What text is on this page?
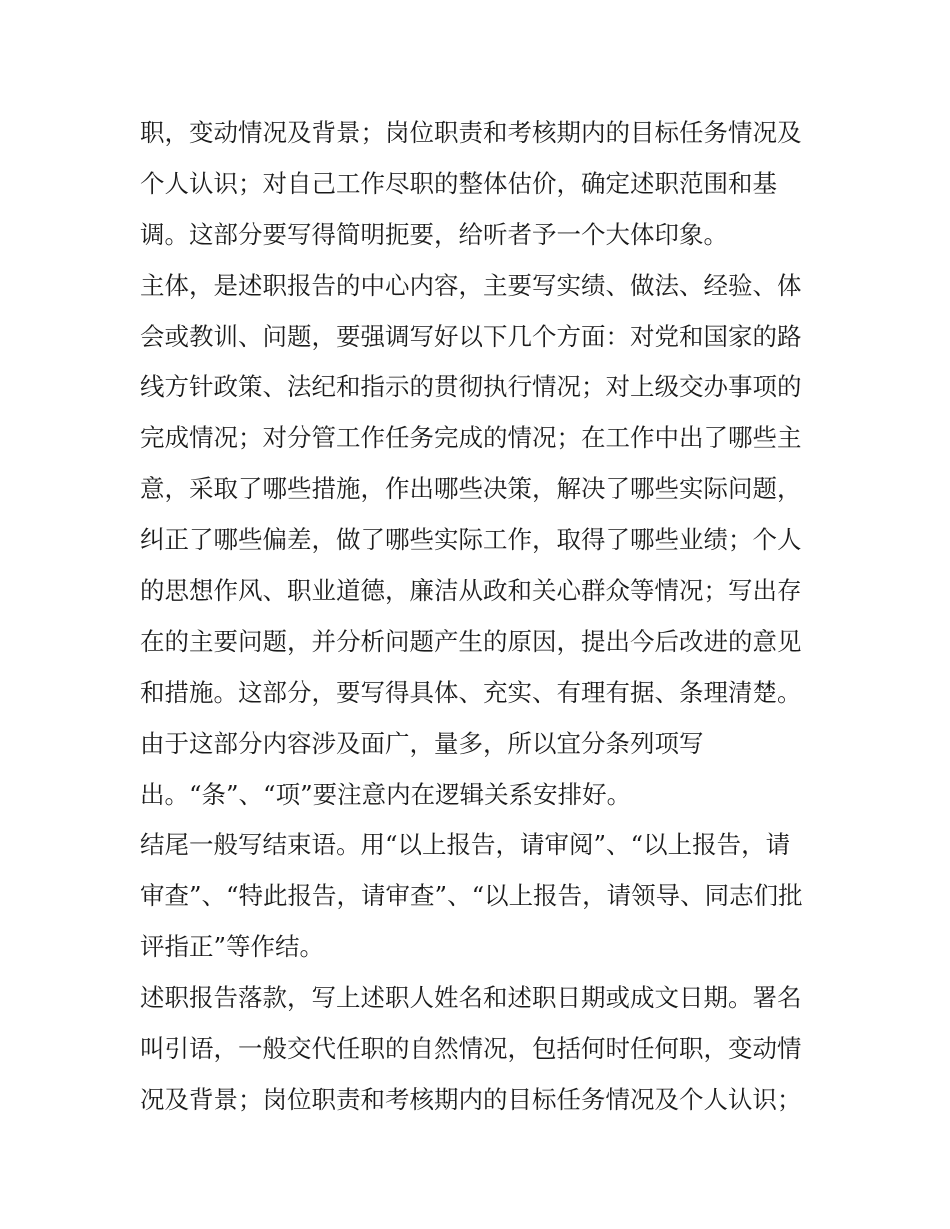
职，变动情况及背景；岗位职责和考核期内的目标任务情况及
个人认识；对自己工作尽职的整体估价，确定述职范围和基
调。这部分要写得简明扼要，给听者予一个大体印象。
主体，是述职报告的中心内容，主要写实绩、做法、经验、体
会或教训、问题，要强调写好以下几个方面：对党和国家的路
线方针政策、法纪和指示的贯彻执行情况；对上级交办事项的
完成情况；对分管工作任务完成的情况；在工作中出了哪些主
意，采取了哪些措施，作出哪些决策，解决了哪些实际问题，
纠正了哪些偏差，做了哪些实际工作，取得了哪些业绩；个人
的思想作风、职业道德，廉洁从政和关心群众等情况；写出存
在的主要问题，并分析问题产生的原因，提出今后改进的意见
和措施。这部分，要写得具体、充实、有理有据、条理清楚。
由于这部分内容涉及面广，量多，所以宜分条列项写
出。“条”、“项”要注意内在逻辑关系安排好。
结尾一般写结束语。用“以上报告，请审阅”、“以上报告，请
审查”、“特此报告，请审查”、“以上报告，请领导、同志们批
评指正”等作结。
述职报告落款，写上述职人姓名和述职日期或成文日期。署名
叫引语，一般交代任职的自然情况，包括何时任何职，变动情
况及背景；岗位职责和考核期内的目标任务情况及个人认识；
